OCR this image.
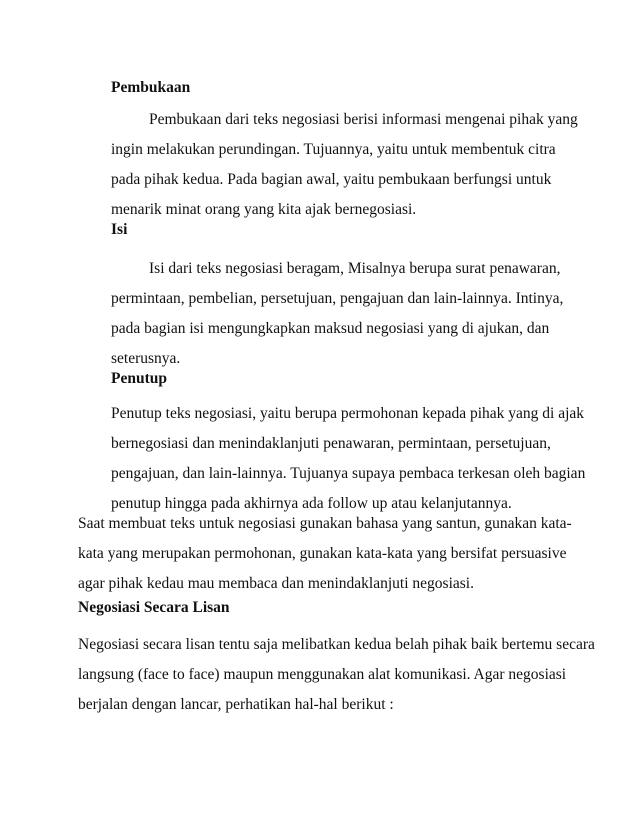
Pembukaan
Pembukaan dari teks negosiasi berisi informasi mengenai pihak yang
ingin melakukan perundingan. Tujuannya, yaitu untuk membentuk citra
pada pihak kedua. Pada bagian awal, yaitu pembukaan berfungsi untuk
menarik minat orang yang kita ajak bernegosiasi.
Isi
Isi dari teks negosiasi beragam, Misalnya berupa surat penawaran,
permintaan, pembelian, persetujuan, pengajuan dan lain-lainnya. Intinya,
pada bagian isi mengungkapkan maksud negosiasi yang di ajukan, dan
seterusnya.
Penutup
Penutup teks negosiasi, yaitu berupa permohonan kepada pihak yang di ajak
bernegosiasi dan menindaklanjuti penawaran, permintaan, persetujuan,
pengajuan, dan lain-lainnya. Tujuanya supaya pembaca terkesan oleh bagian
penutup hingga pada akhirnya ada follow up atau kelanjutannya.
Saat membuat teks untuk negosiasi gunakan bahasa yang santun, gunakan kata-
kata yang merupakan permohonan, gunakan kata-kata yang bersifat persuasive
agar pihak kedau mau membaca dan menindaklanjuti negosiasi.
Negosiasi Secara Lisan
Negosiasi secara lisan tentu saja melibatkan kedua belah pihak baik bertemu secara
langsung (face to face) maupun menggunakan alat komunikasi. Agar negosiasi
berjalan dengan lancar, perhatikan hal-hal berikut :
